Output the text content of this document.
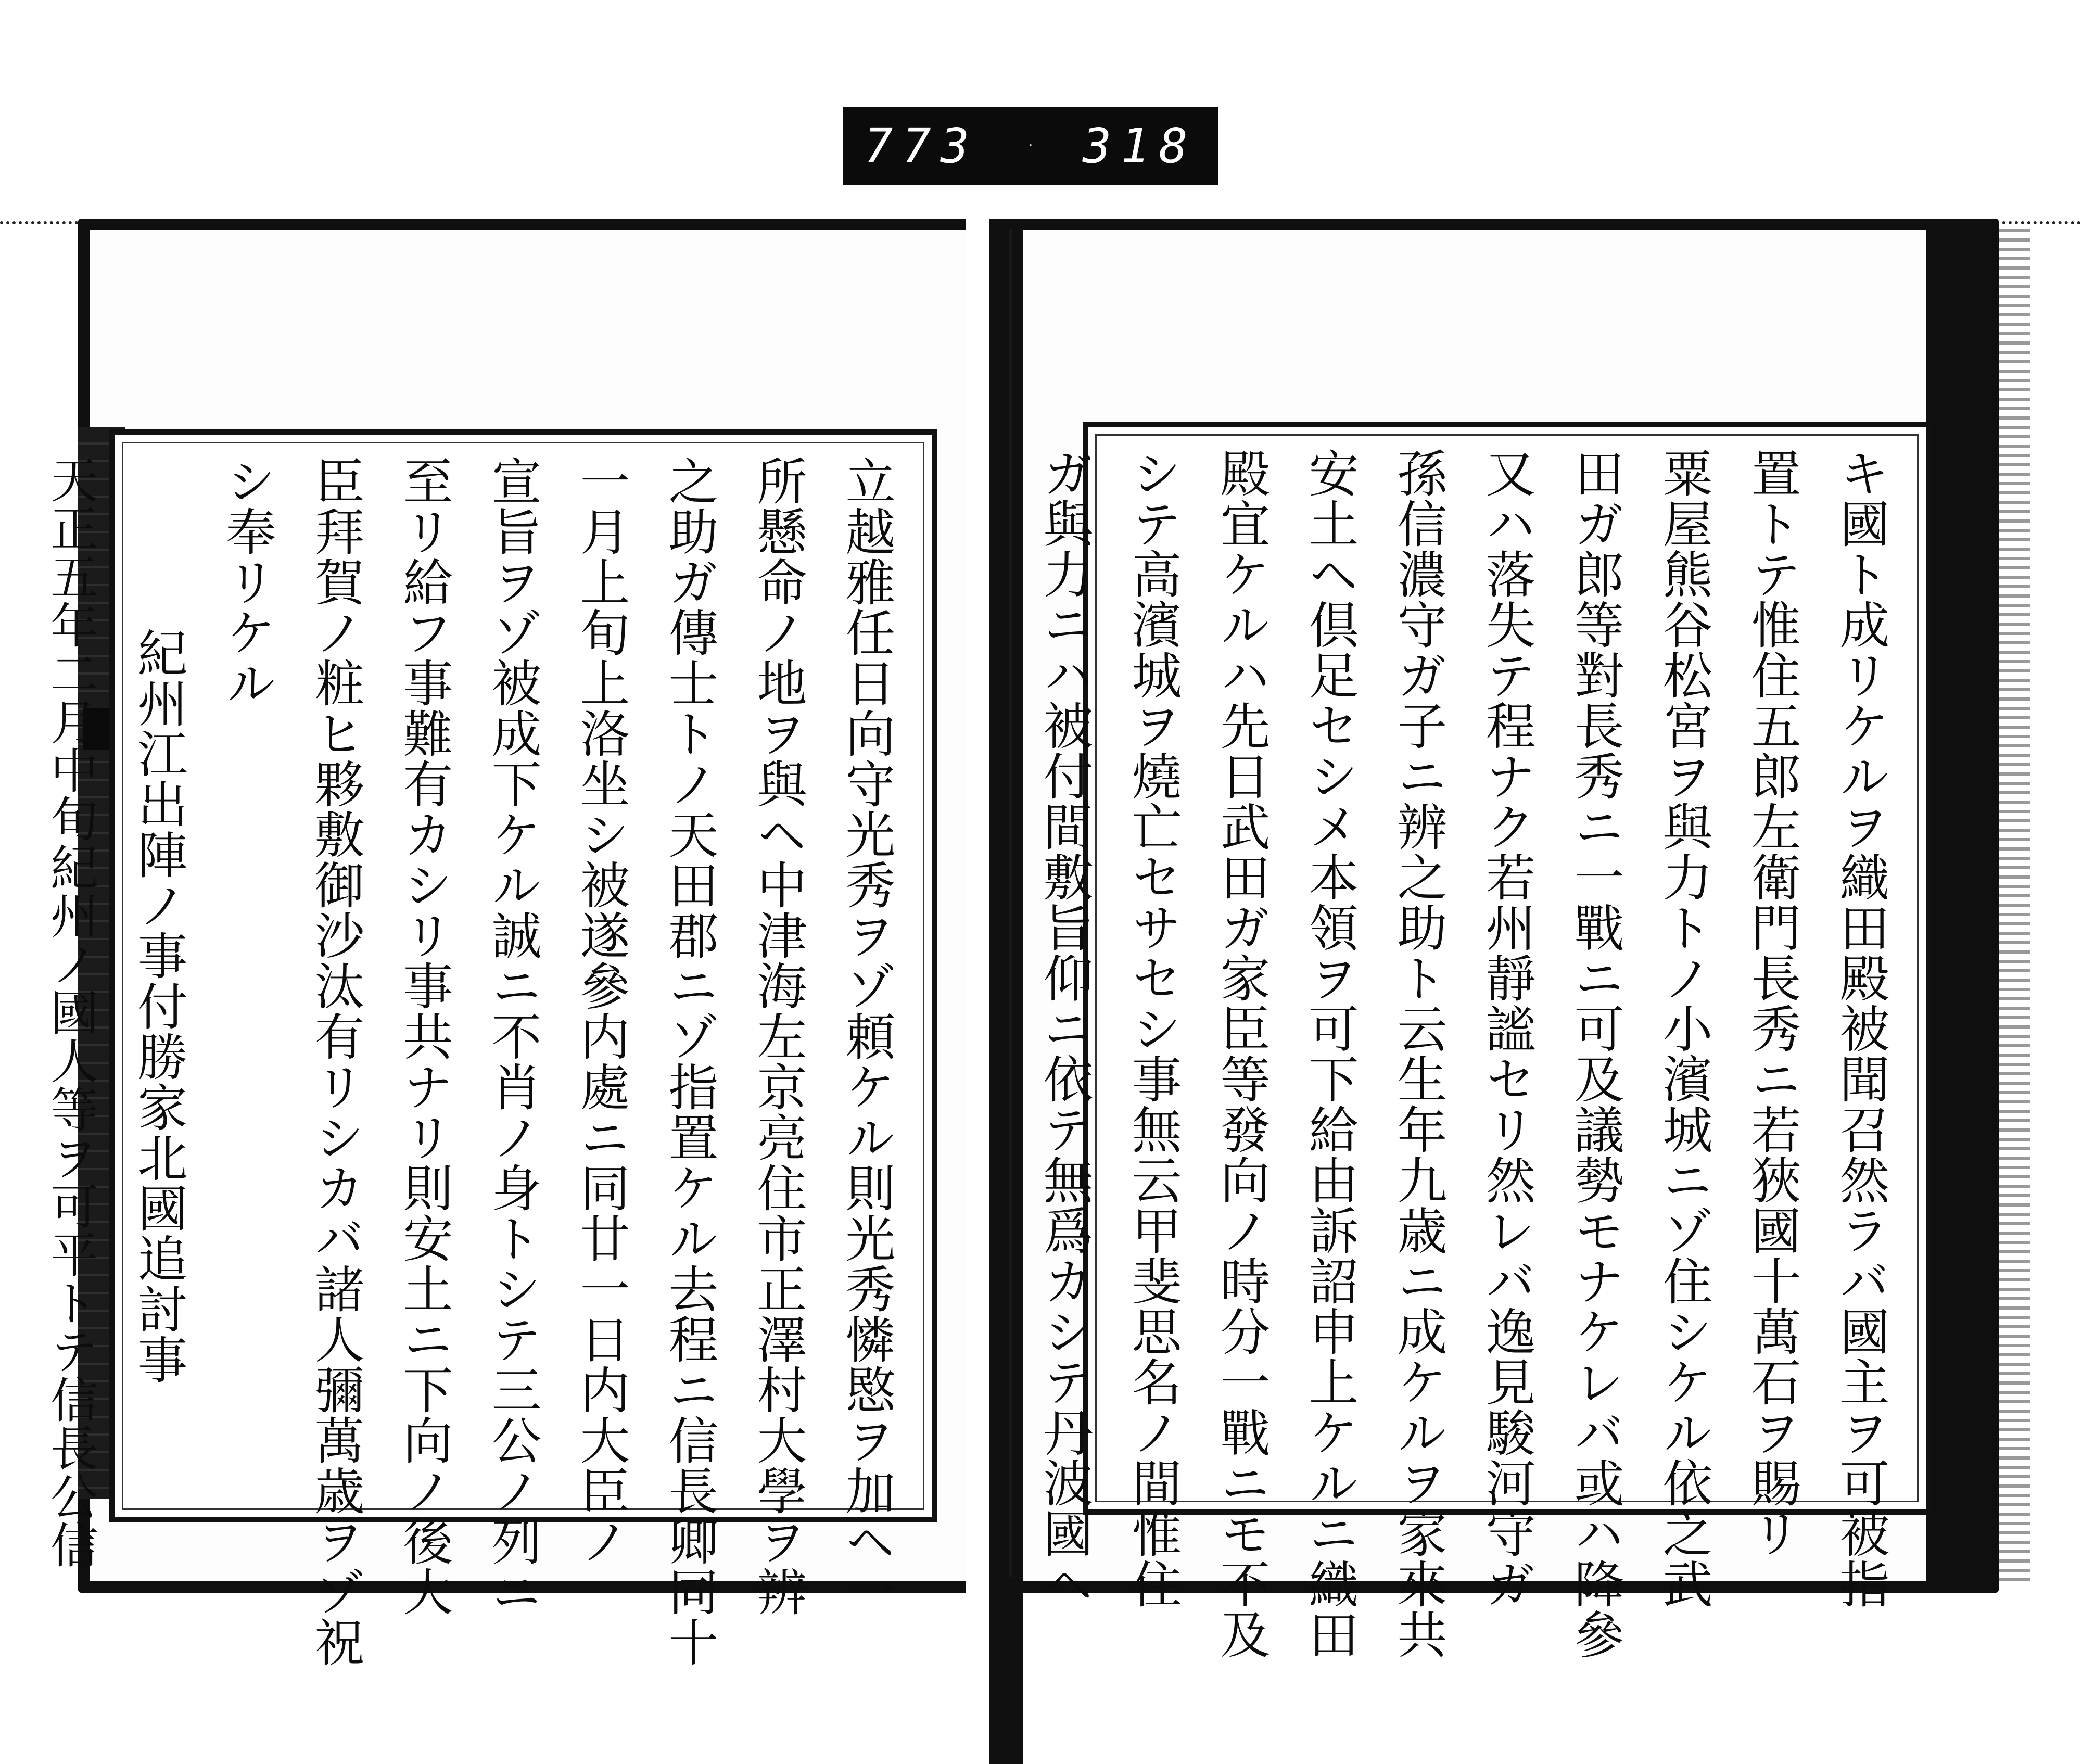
773	· 318
立越雅任日向守光秀ヲゾ頼ケル則光秀憐愍ヲ加ヘ一
所懸命ノ地ヲ與ヘ中津海左京亮住市正澤村大學ヲ辨
之助ガ傳士トノ天田郡ニゾ指置ケル去程ニ信長卿同十
一月上旬上洛坐シ被遂參内處ニ同廿一日内大臣ノ
宣旨ヲゾ被成下ケル誠ニ不肖ノ身トシテ三公ノ列ニ
至リ給フ事難有カシリ事共ナリ則安土ニ下向ノ後大
臣拜賀ノ粧ヒ夥敷御沙汰有リシカバ諸人彌萬歳ヲゾ祝
シ奉リケル
紀州江出陣ノ事付勝家北國追討事
天正五年二月中旬紀州ノ國人等ヲ可平トテ信長公信	キ國ト成リケルヲ織田殿被聞召然ラバ國主ヲ可被指
置トテ惟住五郎左衛門長秀ニ若狹國十萬石ヲ賜リ
粟屋熊谷松宮ヲ與力トノ小濱城ニゾ住シケル依之武
田ガ郎等對長秀ニ一戰ニ可及議勢モナケレバ或ハ降參
又ハ落失テ程ナク若州靜謐セリ然レバ逸見駿河守ガ
孫信濃守ガ子ニ辨之助ト云生年九歳ニ成ケルヲ家來共
安土ヘ倶足セシメ本領ヲ可下給由訴詔申上ケルニ織田
殿宜ケルハ先日武田ガ家臣等發向ノ時分一戰ニモ不及
シテ高濱城ヲ燒亡セサセシ事無云甲斐思名ノ間惟住
ガ與力ニハ被付間敷旨仰ニ依テ無爲カシテ丹波國ヘ
